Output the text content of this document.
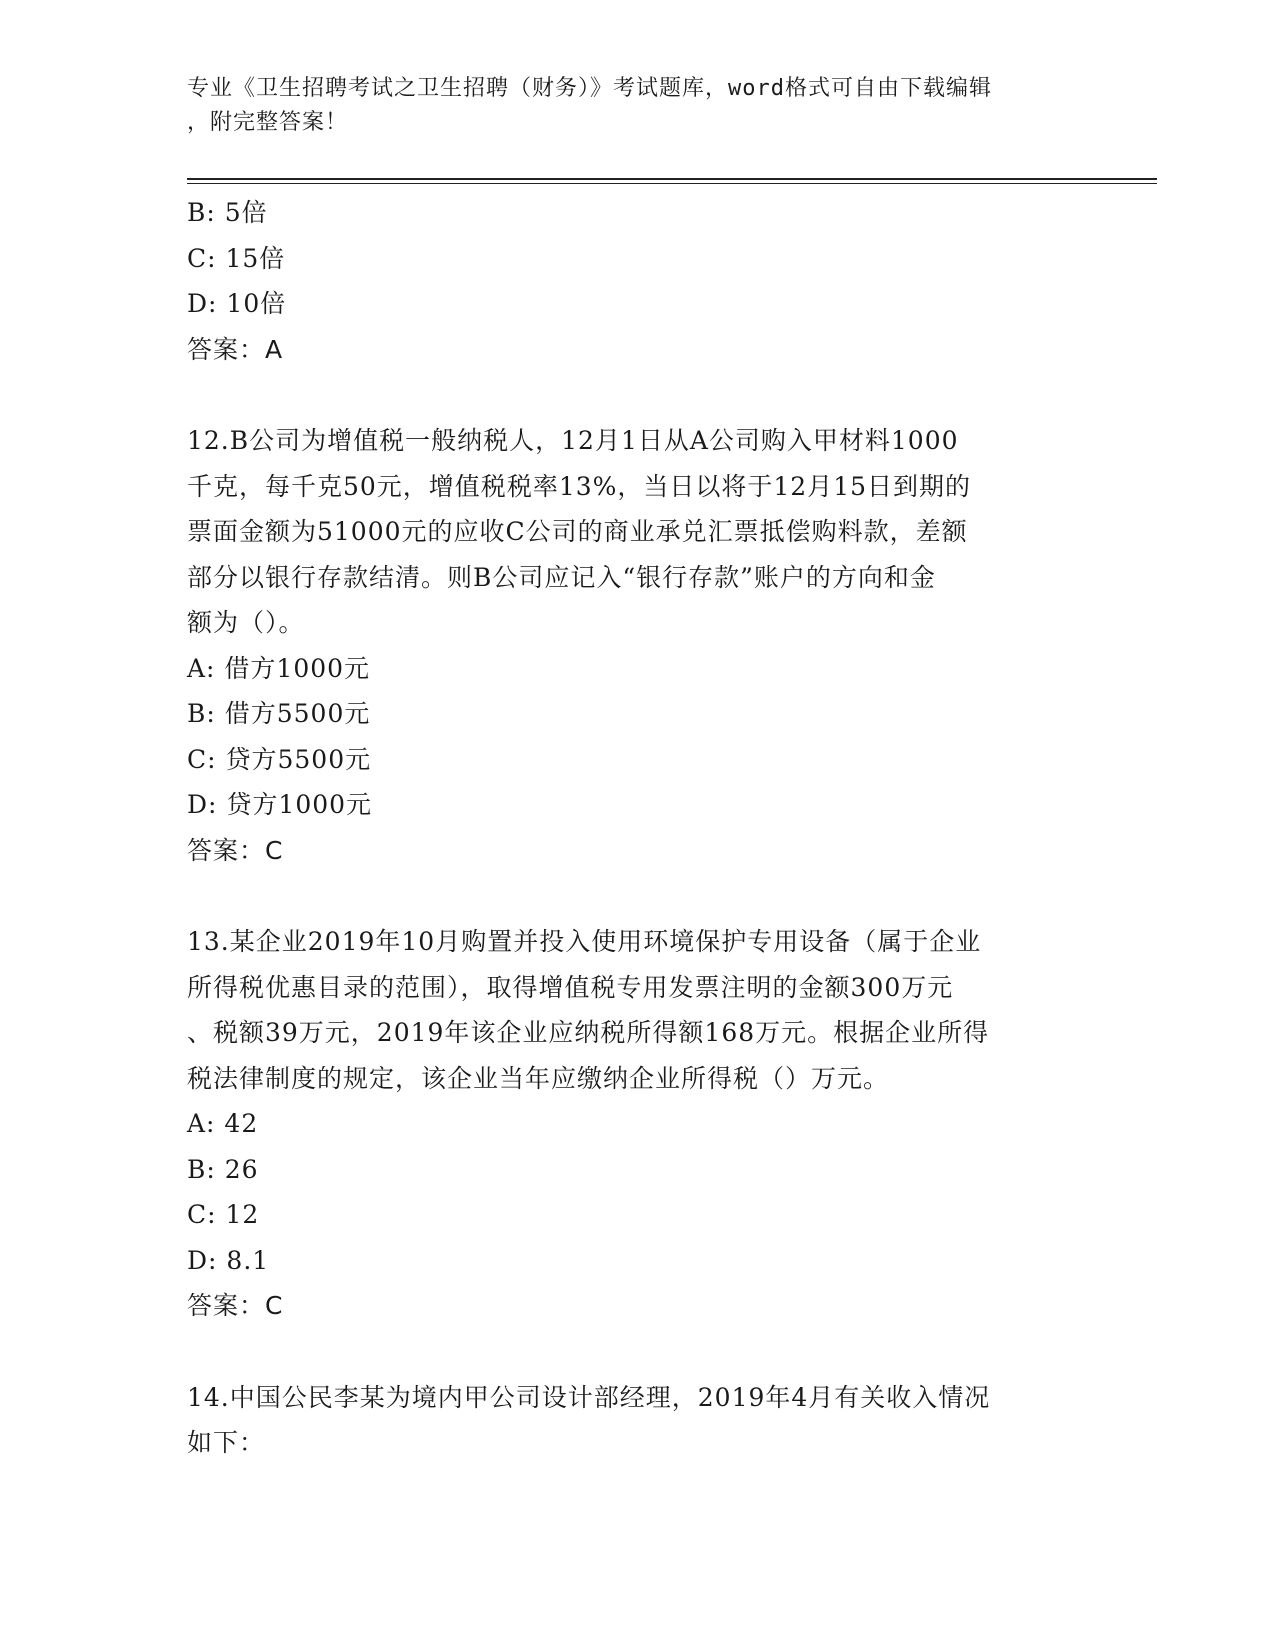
专业《卫生招聘考试之卫生招聘（财务）》考试题库，word格式可自由下载编辑
，附完整答案！
B: 5倍
C: 15倍
D: 10倍
答案：A
12.B公司为增值税一般纳税人，12月1日从A公司购入甲材料1000
千克，每千克50元，增值税税率13%，当日以将于12月15日到期的
票面金额为51000元的应收C公司的商业承兑汇票抵偿购料款，差额
部分以银行存款结清。则B公司应记入“银行存款”账户的方向和金
额为（）。
A: 借方1000元
B: 借方5500元
C: 贷方5500元
D: 贷方1000元
答案：C
13.某企业2019年10月购置并投入使用环境保护专用设备（属于企业
所得税优惠目录的范围），取得增值税专用发票注明的金额300万元
、税额39万元，2019年该企业应纳税所得额168万元。根据企业所得
税法律制度的规定，该企业当年应缴纳企业所得税（）万元。
A: 42
B: 26
C: 12
D: 8.1
答案：C
14.中国公民李某为境内甲公司设计部经理，2019年4月有关收入情况
如下：
